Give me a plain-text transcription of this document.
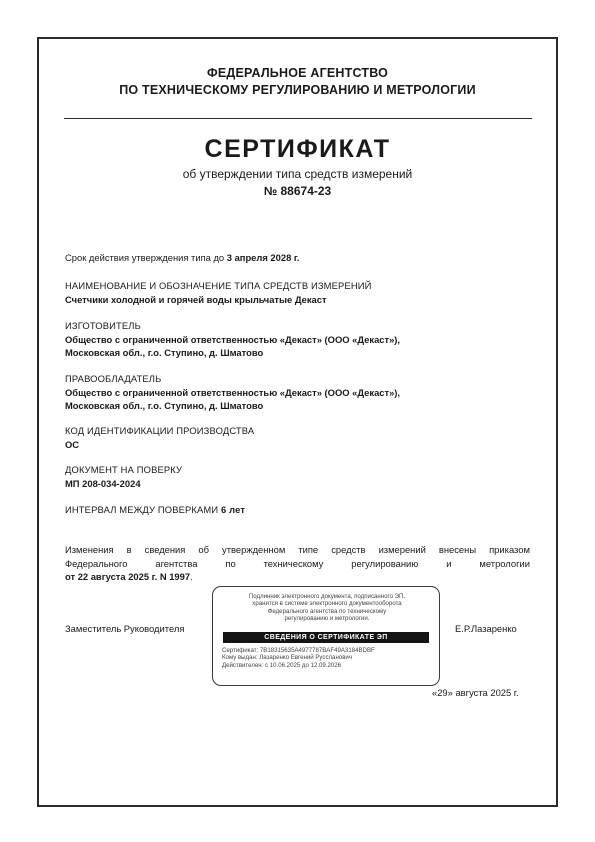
ФЕДЕРАЛЬНОЕ АГЕНТСТВО
ПО ТЕХНИЧЕСКОМУ РЕГУЛИРОВАНИЮ И МЕТРОЛОГИИ
СЕРТИФИКАТ
об утверждении типа средств измерений
№ 88674-23
Срок действия утверждения типа до 3 апреля 2028 г.
НАИМЕНОВАНИЕ И ОБОЗНАЧЕНИЕ ТИПА СРЕДСТВ ИЗМЕРЕНИЙ
Счетчики холодной и горячей воды крыльчатые Декаст
ИЗГОТОВИТЕЛЬ
Общество с ограниченной ответственностью «Декаст» (ООО «Декаст»),
Московская обл., г.о. Ступино, д. Шматово
ПРАВООБЛАДАТЕЛЬ
Общество с ограниченной ответственностью «Декаст» (ООО «Декаст»),
Московская обл., г.о. Ступино, д. Шматово
КОД ИДЕНТИФИКАЦИИ ПРОИЗВОДСТВА
ОС
ДОКУМЕНТ НА ПОВЕРКУ
МП 208-034-2024
ИНТЕРВАЛ МЕЖДУ ПОВЕРКАМИ 6 лет
Изменения в сведения об утвержденном типе средств измерений внесены приказом
Федерального	агентства	по	техническому	регулированию	и	метрологии
от 22 августа 2025 г. N 1997.
Заместитель Руководителя	Е.Р.Лазаренко
Подлинник электронного документа, подписанного ЭП,
хранится в системе электронного документооборота
Федерального агентства по техническому
регулированию и метрологии.
СВЕДЕНИЯ О СЕРТИФИКАТЕ ЭП
Сертификат: 7B18315635A4977787BAF49A3184BDBF
Кому выдан: Лазаренко Евгений Руссланович
Действителен: с 10.06.2025 до 12.09.2026
«29» августа 2025 г.
